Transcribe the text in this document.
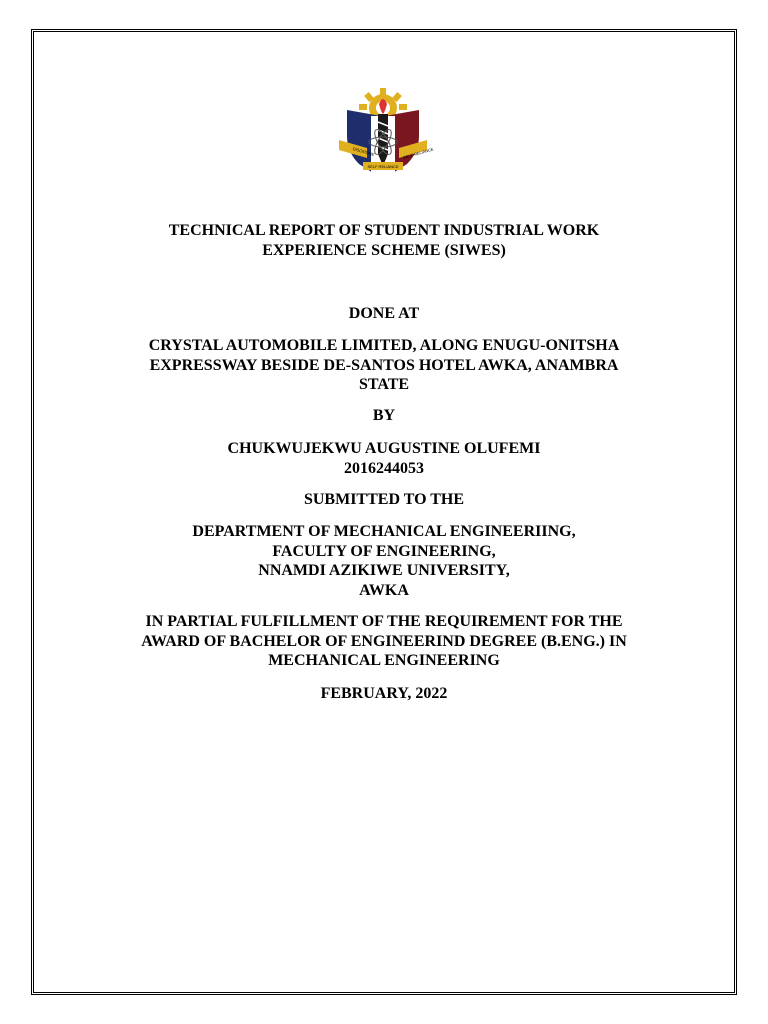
DISCIPLINE	SELF-RELIANCE
SELF RELIANCE

TECHNICAL REPORT OF STUDENT INDUSTRIAL WORK
EXPERIENCE SCHEME (SIWES)

DONE AT

CRYSTAL AUTOMOBILE LIMITED, ALONG ENUGU-ONITSHA
EXPRESSWAY BESIDE DE-SANTOS HOTEL AWKA, ANAMBRA
STATE

BY

CHUKWUJEKWU AUGUSTINE OLUFEMI
2016244053

SUBMITTED TO THE

DEPARTMENT OF MECHANICAL ENGINEERIING,
FACULTY OF ENGINEERING,
NNAMDI AZIKIWE UNIVERSITY,
AWKA

IN PARTIAL FULFILLMENT OF THE REQUIREMENT FOR THE
AWARD OF BACHELOR OF ENGINEERIND DEGREE (B.ENG.) IN
MECHANICAL ENGINEERING

FEBRUARY, 2022
